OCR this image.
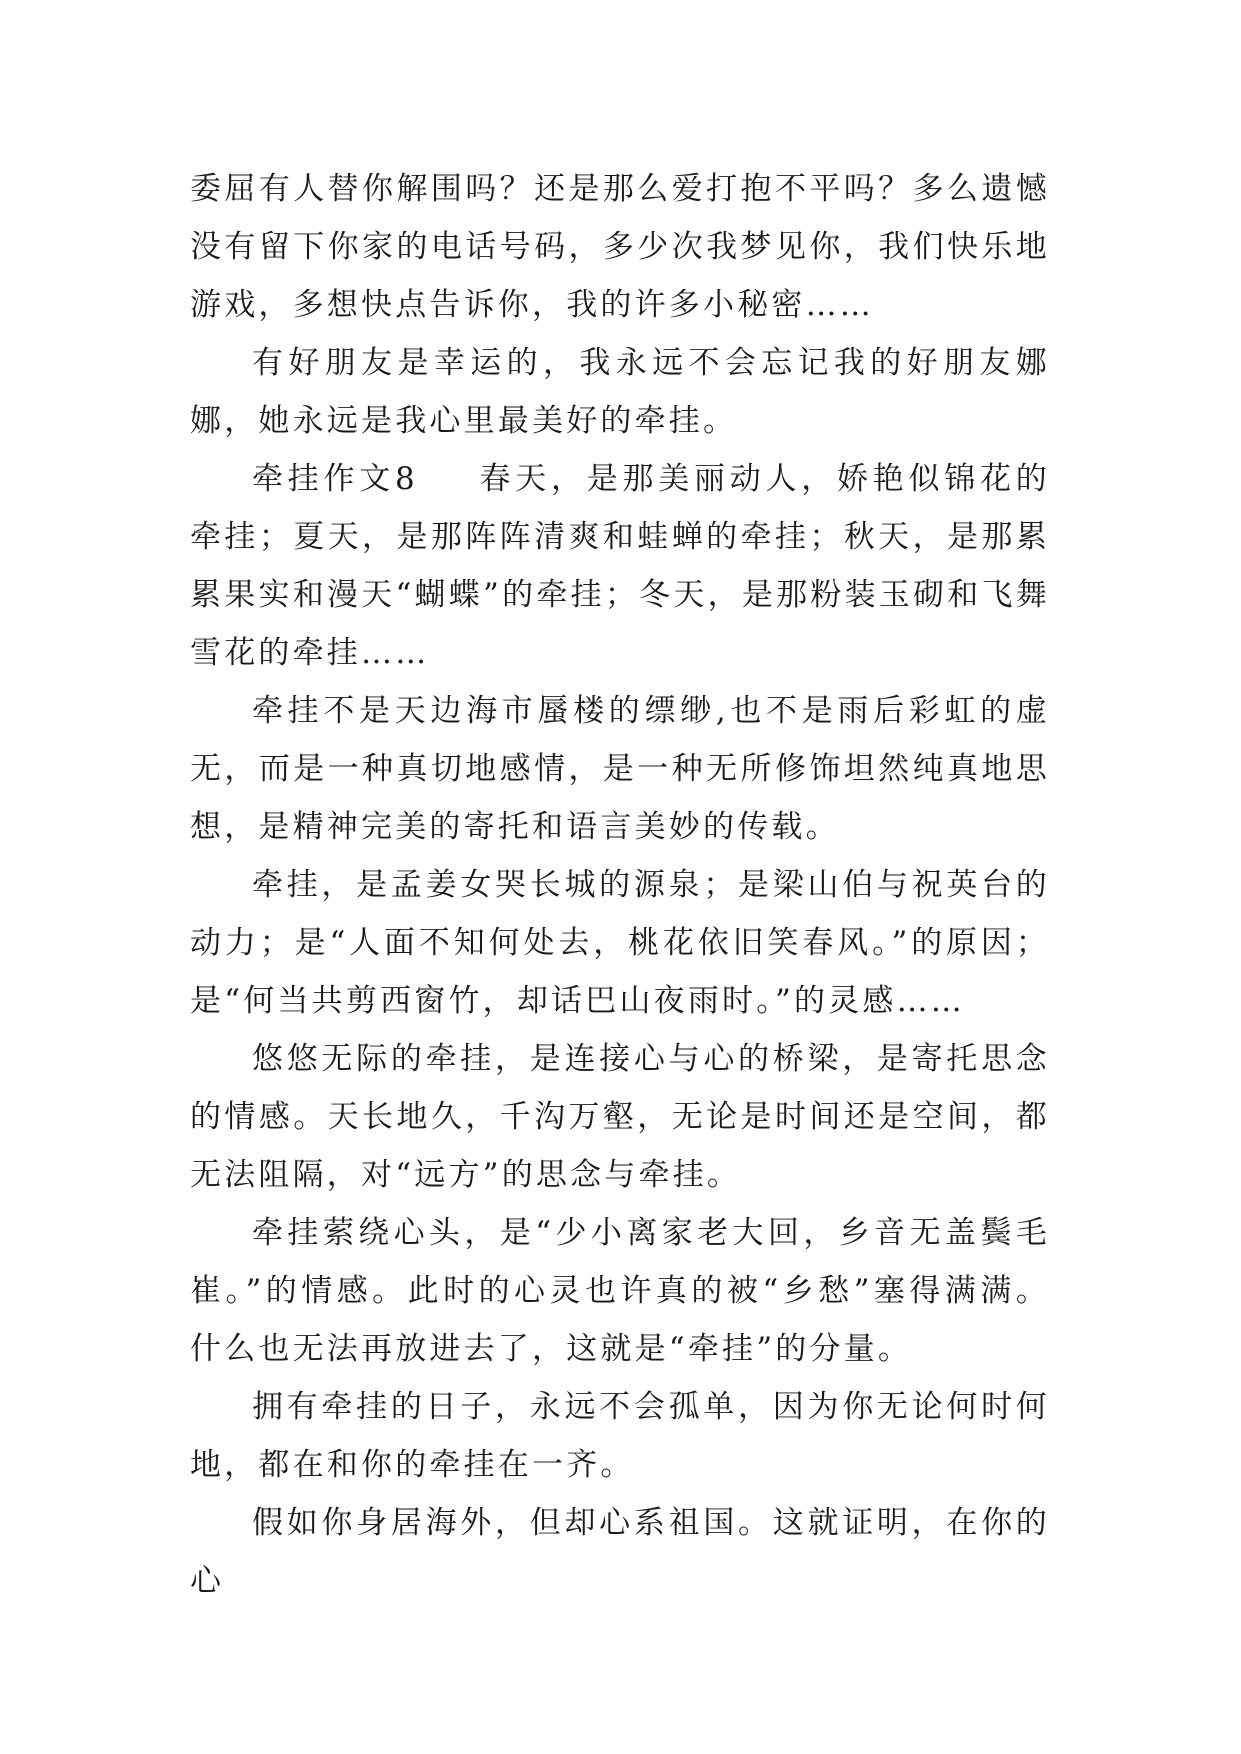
委屈有人替你解围吗？还是那么爱打抱不平吗？多么遗憾没有留下你家的电话号码，多少次我梦见你，我们快乐地游戏，多想快点告诉你，我的许多小秘密……

有好朋友是幸运的，我永远不会忘记我的好朋友娜娜，她永远是我心里最美好的牵挂。

牵挂作文8 春天，是那美丽动人，娇艳似锦花的牵挂；夏天，是那阵阵清爽和蛙蝉的牵挂；秋天，是那累累果实和漫天“蝴蝶”的牵挂；冬天，是那粉装玉砌和飞舞雪花的牵挂……

牵挂不是天边海市蜃楼的缥缈,也不是雨后彩虹的虚无，而是一种真切地感情，是一种无所修饰坦然纯真地思想，是精神完美的寄托和语言美妙的传载。

牵挂，是孟姜女哭长城的源泉；是梁山伯与祝英台的动力；是“人面不知何处去，桃花依旧笑春风。”的原因；是“何当共剪西窗竹，却话巴山夜雨时。”的灵感……

悠悠无际的牵挂，是连接心与心的桥梁，是寄托思念的情感。天长地久，千沟万壑，无论是时间还是空间，都无法阻隔，对“远方”的思念与牵挂。

牵挂萦绕心头，是“少小离家老大回，乡音无盖鬓毛崔。”的情感。此时的心灵也许真的被“乡愁”塞得满满。什么也无法再放进去了，这就是“牵挂”的分量。

拥有牵挂的日子，永远不会孤单，因为你无论何时何地，都在和你的牵挂在一齐。

假如你身居海外，但却心系祖国。这就证明，在你的心
